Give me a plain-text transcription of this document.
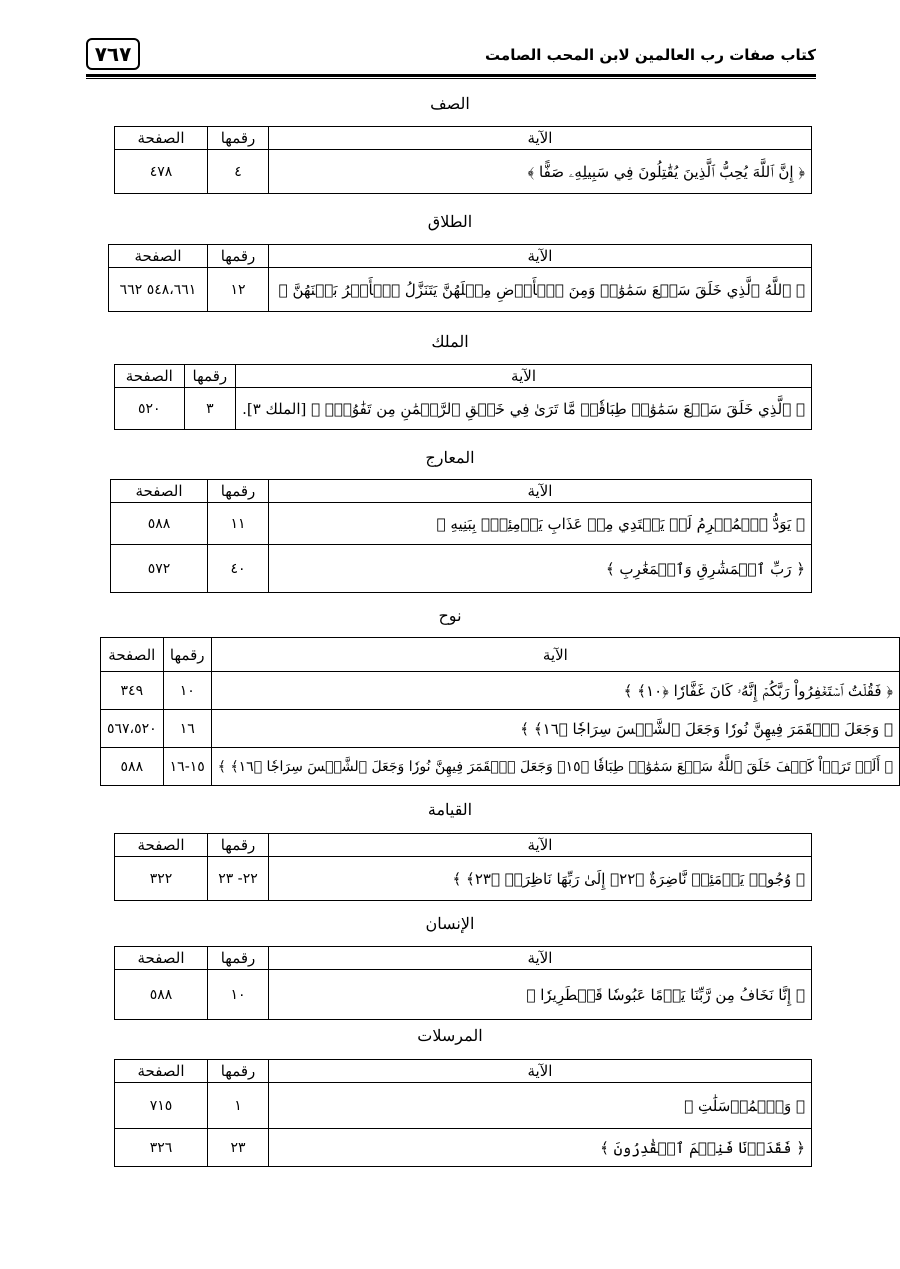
٧٦٧	كتاب صفات رب العالمين لابن المحب الصامت
الصف
الآية	رقمها	الصفحة
﴿ إِنَّ ٱللَّهَ يُحِبُّ ٱلَّذِينَ يُقَٰتِلُونَ فِي سَبِيلِهِۦ صَفًّا ﴾	٤	٤٧٨
الطلاق
الآية	رقمها	الصفحة
﴿ ٱللَّهُ ٱلَّذِي خَلَقَ سَبۡعَ سَمَٰوَٰتٖ وَمِنَ ٱلۡأَرۡضِ مِثۡلَهُنَّ يَتَنَزَّلُ ٱلۡأَمۡرُ بَيۡنَهُنَّ ﴾	١٢	٥٤٨،٦٦١ ٦٦٢
الملك
الآية	رقمها	الصفحة
﴿ ٱلَّذِي خَلَقَ سَبۡعَ سَمَٰوَٰتٖ طِبَاقٗاۖ مَّا تَرَىٰ فِي خَلۡقِ ٱلرَّحۡمَٰنِ مِن تَفَٰوُتٖۖ ﴾ [الملك ٣].	٣	٥٢٠
المعارج
الآية	رقمها	الصفحة
﴿ يَوَدُّ ٱلۡمُجۡرِمُ لَوۡ يَفۡتَدِي مِنۡ عَذَابِ يَوۡمِئِذِۭ بِبَنِيهِ ﴾	١١	٥٨٨
﴿ رَبِّ ٱلۡمَشَٰرِقِ وَٱلۡمَغَٰرِبِ ﴾	٤٠	٥٧٢
نوح
الآية	رقمها	الصفحة
﴿ فَقُلۡتُ ٱسۡتَغۡفِرُواْ رَبَّكُمۡ إِنَّهُۥ كَانَ غَفَّارٗا ﴿١٠﴾ ﴾	١٠	٣٤٩
﴿ وَجَعَلَ ٱلۡقَمَرَ فِيهِنَّ نُورٗا وَجَعَلَ ٱلشَّمۡسَ سِرَاجٗا ﴿١٦﴾ ﴾	١٦	٥٦٧،٥٢٠
﴿ أَلَمۡ تَرَوۡاْ كَيۡفَ خَلَقَ ٱللَّهُ سَبۡعَ سَمَٰوَٰتٖ طِبَاقٗا ﴿١٥﴾ وَجَعَلَ ٱلۡقَمَرَ فِيهِنَّ نُورٗا وَجَعَلَ ٱلشَّمۡسَ سِرَاجٗا ﴿١٦﴾ ﴾	١٥-١٦	٥٨٨
القيامة
الآية	رقمها	الصفحة
﴿ وُجُوهٞ يَوۡمَئِذٖ نَّاضِرَةٌ ﴿٢٢﴾ إِلَىٰ رَبِّهَا نَاظِرَةٞ ﴿٢٣﴾ ﴾	٢٢- ٢٣	٣٢٢
الإنسان
الآية	رقمها	الصفحة
﴿ إِنَّا نَخَافُ مِن رَّبِّنَا يَوۡمًا عَبُوسٗا قَمۡطَرِيرٗا ﴾	١٠	٥٨٨
المرسلات
الآية	رقمها	الصفحة
﴿ وَٱلۡمُرۡسَلَٰتِ ﴾	١	٧١٥
﴿ فَقَدَرۡنَا فَنِعۡمَ ٱلۡقَٰدِرُونَ ﴾	٢٣	٣٢٦
